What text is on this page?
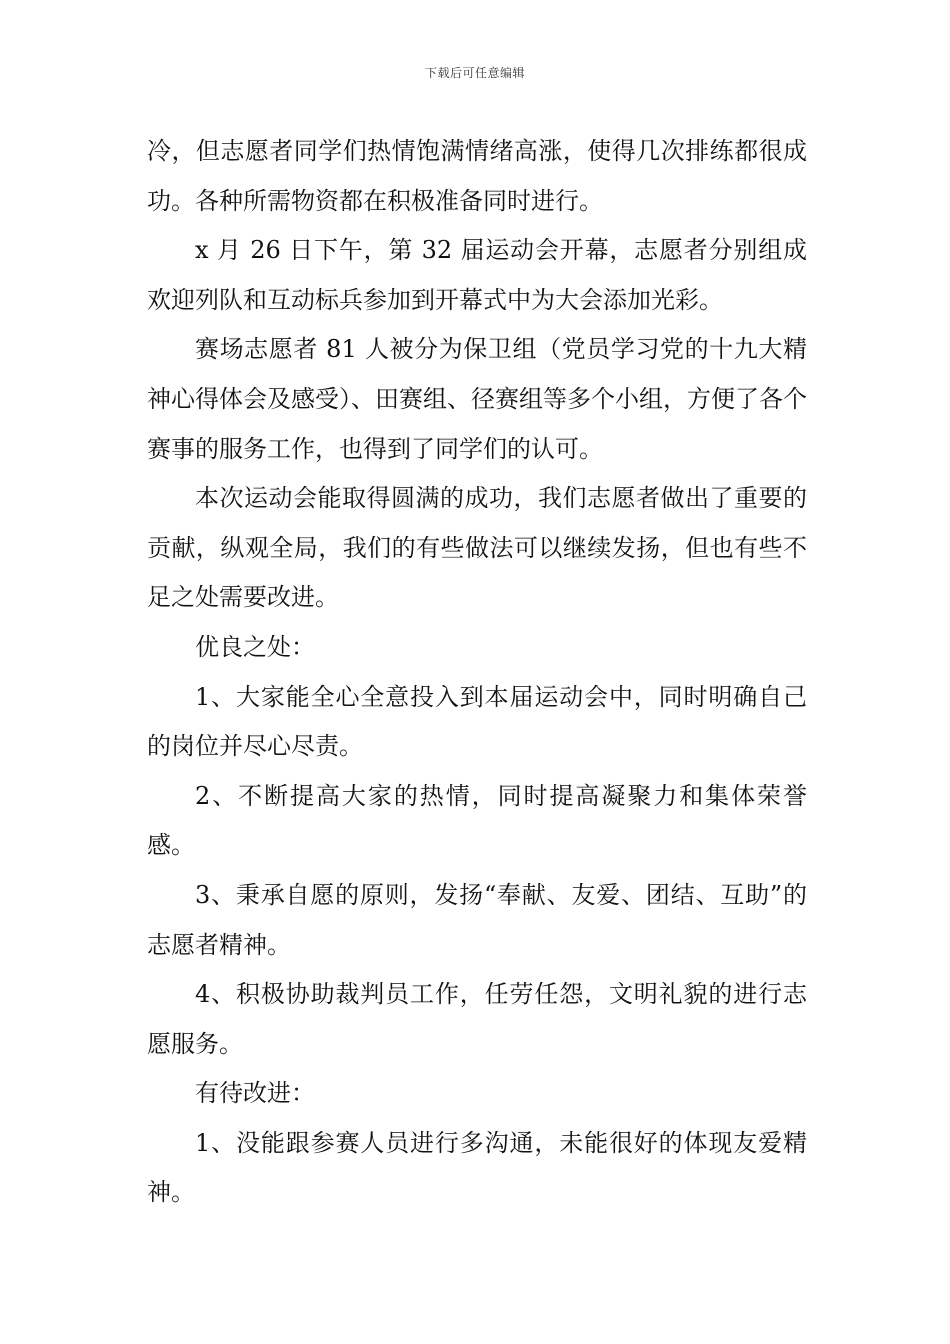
下载后可任意编辑

冷，但志愿者同学们热情饱满情绪高涨，使得几次排练都很成功。各种所需物资都在积极准备同时进行。

x 月 26 日下午，第 32 届运动会开幕，志愿者分别组成欢迎列队和互动标兵参加到开幕式中为大会添加光彩。

赛场志愿者 81 人被分为保卫组（党员学习党的十九大精神心得体会及感受）、田赛组、径赛组等多个小组，方便了各个赛事的服务工作，也得到了同学们的认可。

本次运动会能取得圆满的成功，我们志愿者做出了重要的贡献，纵观全局，我们的有些做法可以继续发扬，但也有些不足之处需要改进。

优良之处：

1、大家能全心全意投入到本届运动会中，同时明确自己的岗位并尽心尽责。

2、不断提高大家的热情，同时提高凝聚力和集体荣誉感。

3、秉承自愿的原则，发扬“奉献、友爱、团结、互助”的志愿者精神。

4、积极协助裁判员工作，任劳任怨，文明礼貌的进行志愿服务。

有待改进：

1、没能跟参赛人员进行多沟通，未能很好的体现友爱精神。
